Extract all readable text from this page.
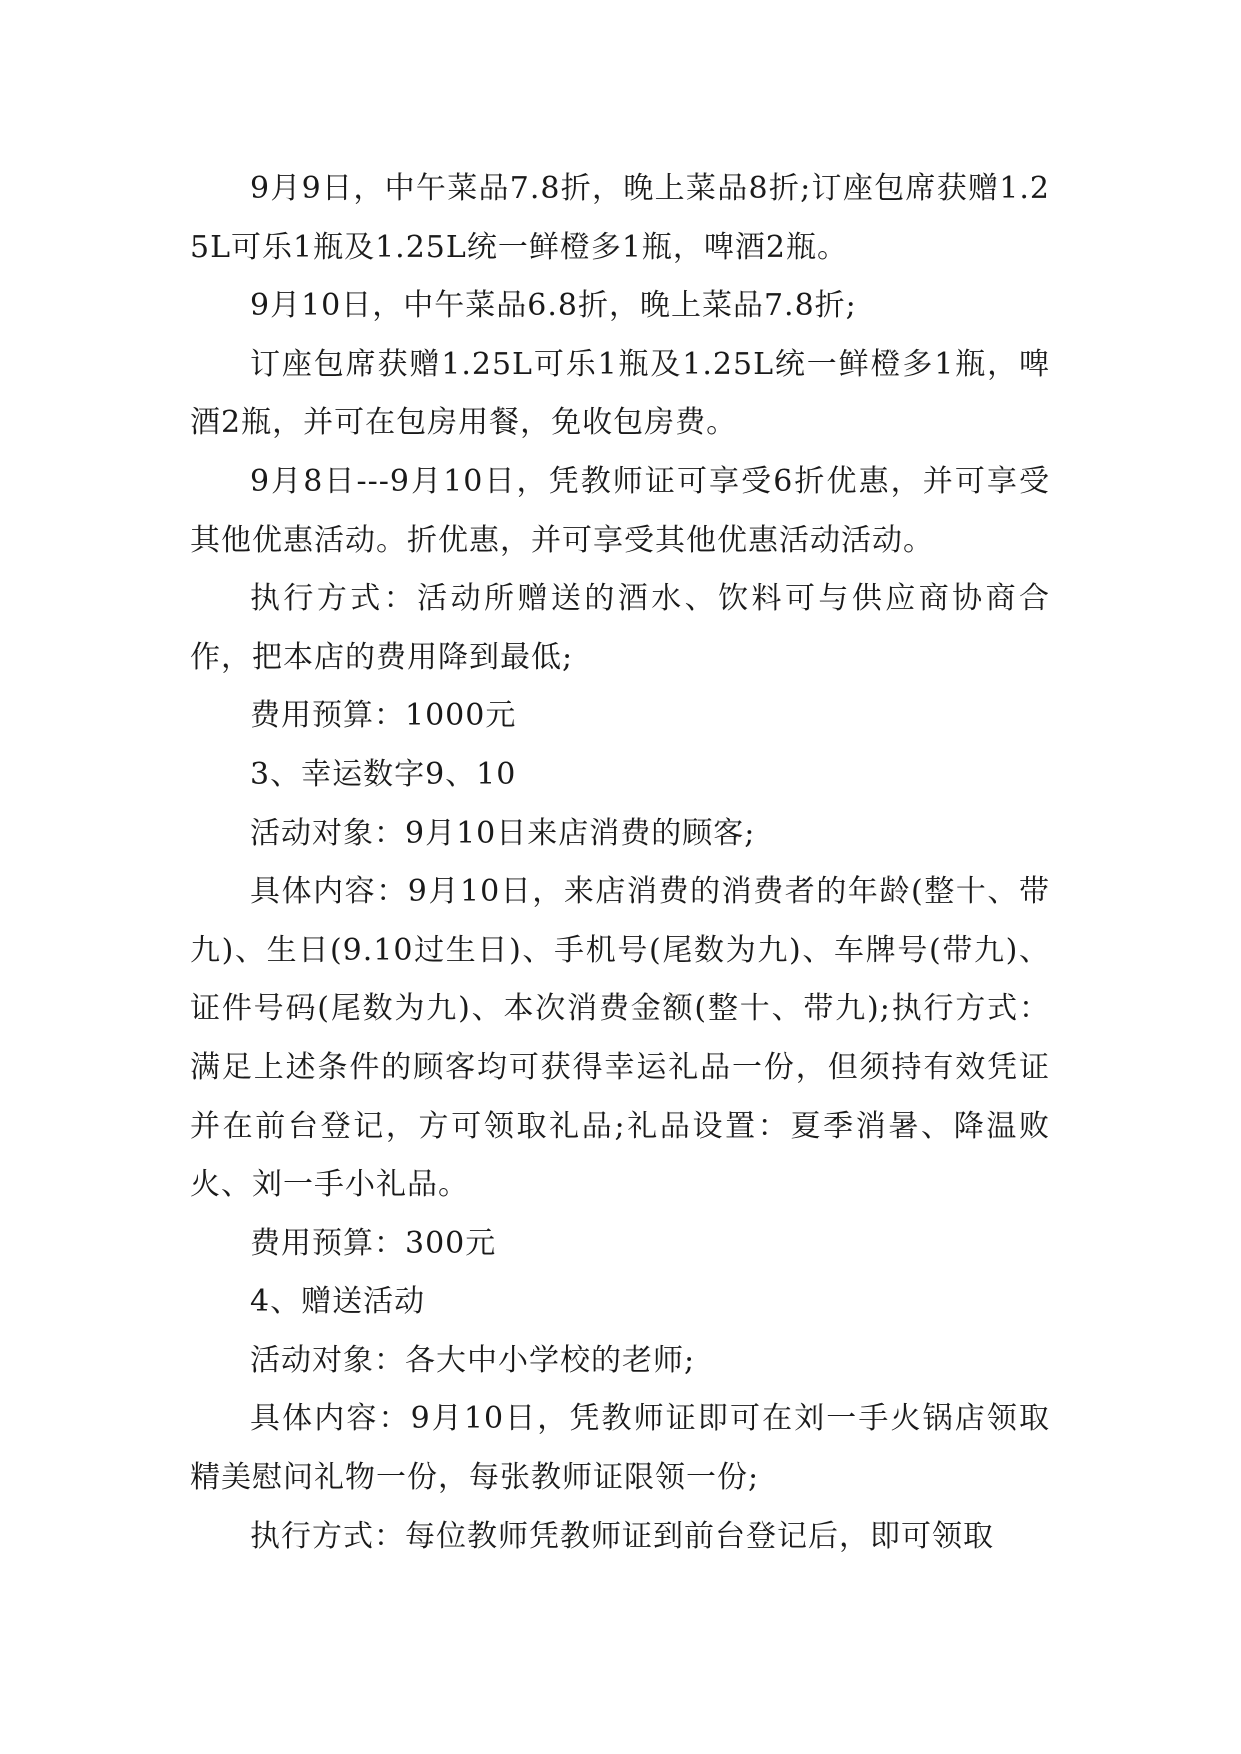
9月9日，中午菜品7.8折，晚上菜品8折;订座包席获赠1.25L可乐1瓶及1.25L统一鲜橙多1瓶，啤酒2瓶。

9月10日，中午菜品6.8折，晚上菜品7.8折;

订座包席获赠1.25L可乐1瓶及1.25L统一鲜橙多1瓶，啤酒2瓶，并可在包房用餐，免收包房费。

9月8日---9月10日，凭教师证可享受6折优惠，并可享受其他优惠活动。折优惠，并可享受其他优惠活动活动。

执行方式：活动所赠送的酒水、饮料可与供应商协商合作，把本店的费用降到最低;

费用预算：1000元

3、幸运数字9、10

活动对象：9月10日来店消费的顾客;

具体内容：9月10日，来店消费的消费者的年龄(整十、带九)、生日(9.10过生日)、手机号(尾数为九)、车牌号(带九)、证件号码(尾数为九)、本次消费金额(整十、带九);执行方式：满足上述条件的顾客均可获得幸运礼品一份，但须持有效凭证并在前台登记，方可领取礼品;礼品设置：夏季消暑、降温败火、刘一手小礼品。

费用预算：300元

4、赠送活动

活动对象：各大中小学校的老师;

具体内容：9月10日，凭教师证即可在刘一手火锅店领取精美慰问礼物一份，每张教师证限领一份;

执行方式：每位教师凭教师证到前台登记后，即可领取
